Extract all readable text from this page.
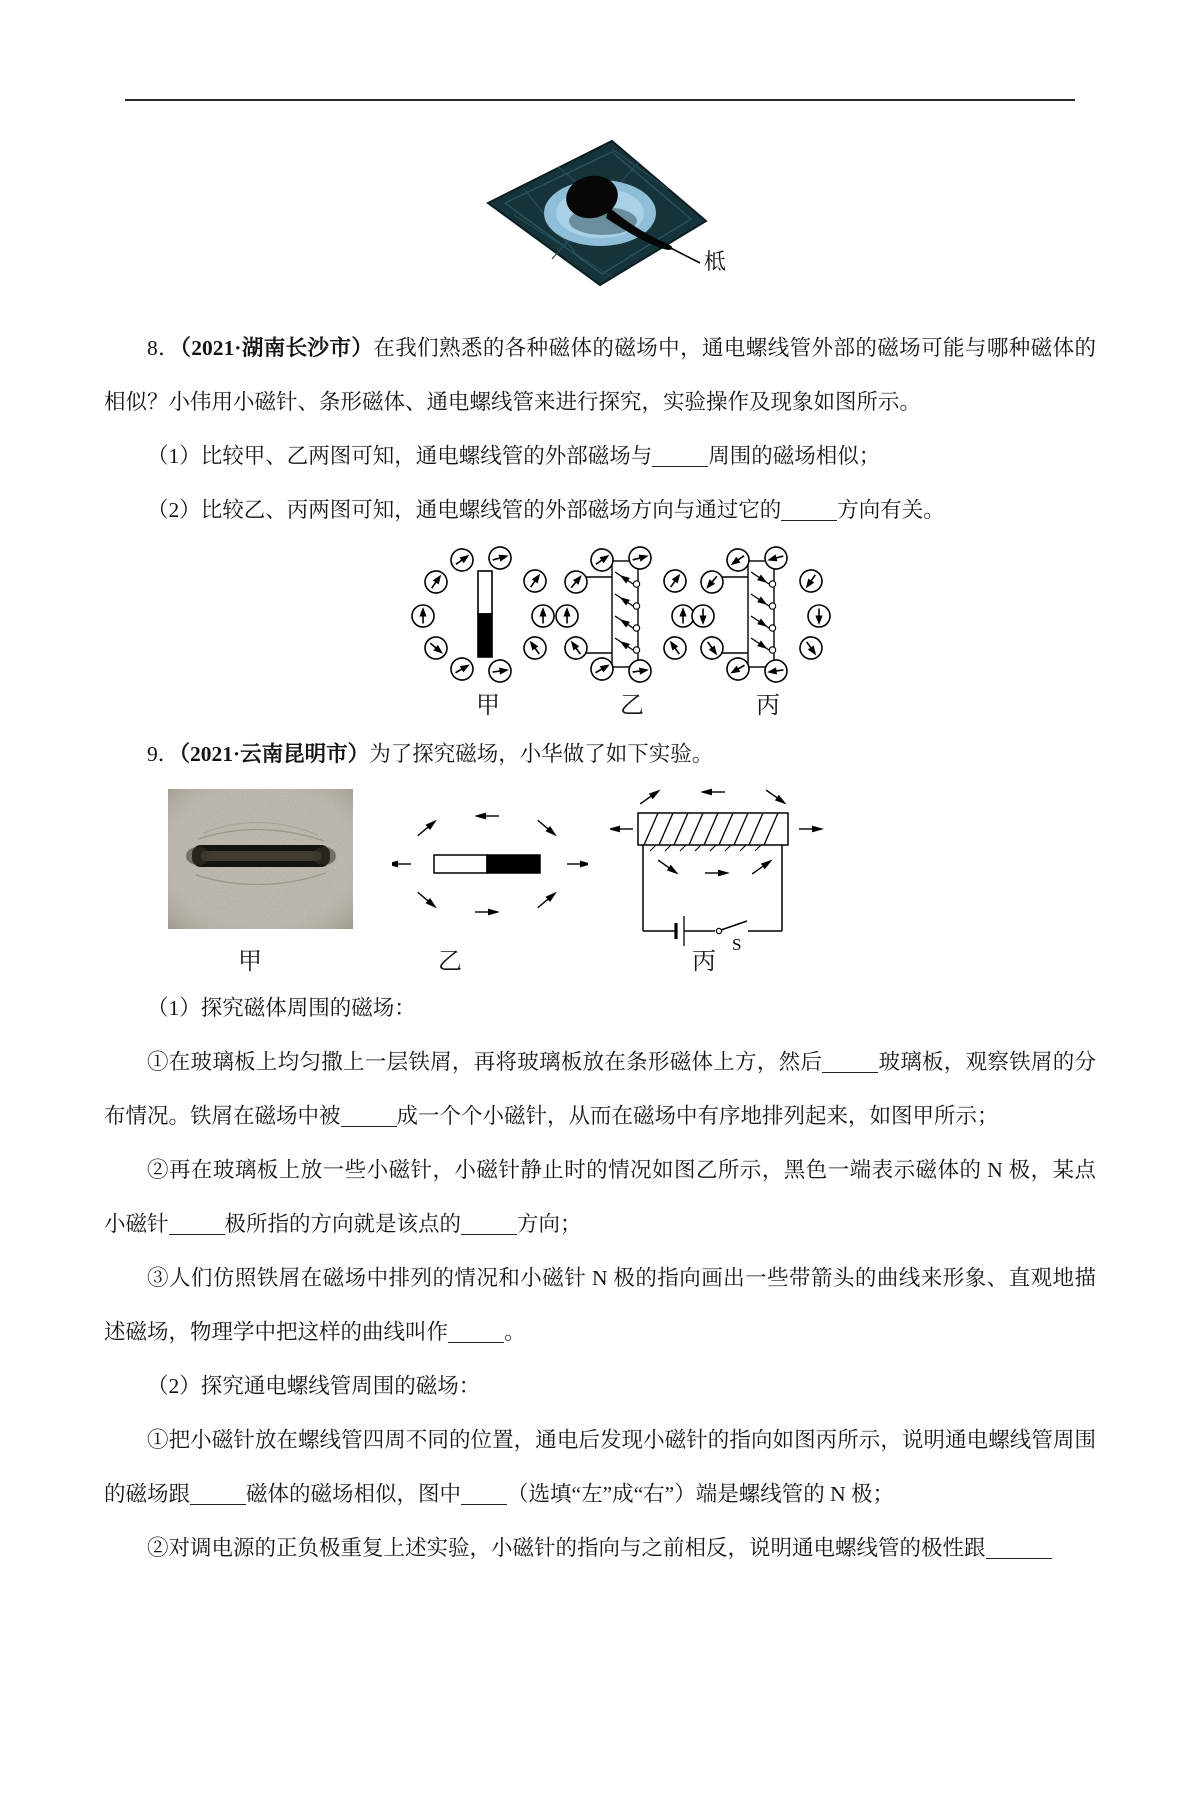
柢

8．（2021·湖南长沙市）在我们熟悉的各种磁体的磁场中，通电螺线管外部的磁场可能与哪种磁体的相似？小伟用小磁针、条形磁体、通电螺线管来进行探究，实验操作及现象如图所示。

（1）比较甲、乙两图可知，通电螺线管的外部磁场与	周围的磁场相似；

（2）比较乙、丙两图可知，通电螺线管的外部磁场方向与通过它的	方向有关。

甲	乙	丙

9．（2021·云南昆明市）为了探究磁场，小华做了如下实验。

S
甲	乙	丙

（1）探究磁体周围的磁场：

①在玻璃板上均匀撒上一层铁屑，再将玻璃板放在条形磁体上方，然后	玻璃板，观察铁屑的分布情况。铁屑在磁场中被	成一个个小磁针，从而在磁场中有序地排列起来，如图甲所示；

②再在玻璃板上放一些小磁针，小磁针静止时的情况如图乙所示，黑色一端表示磁体的 N 极，某点小磁针	极所指的方向就是该点的	方向；

③人们仿照铁屑在磁场中排列的情况和小磁针 N 极的指向画出一些带箭头的曲线来形象、直观地描述磁场，物理学中把这样的曲线叫作	。

（2）探究通电螺线管周围的磁场：

①把小磁针放在螺线管四周不同的位置，通电后发现小磁针的指向如图丙所示，说明通电螺线管周围的磁场跟	磁体的磁场相似，图中 （选填“左”成“右”）端是螺线管的 N 极；

②对调电源的正负极重复上述实验，小磁针的指向与之前相反，说明通电螺线管的极性跟
